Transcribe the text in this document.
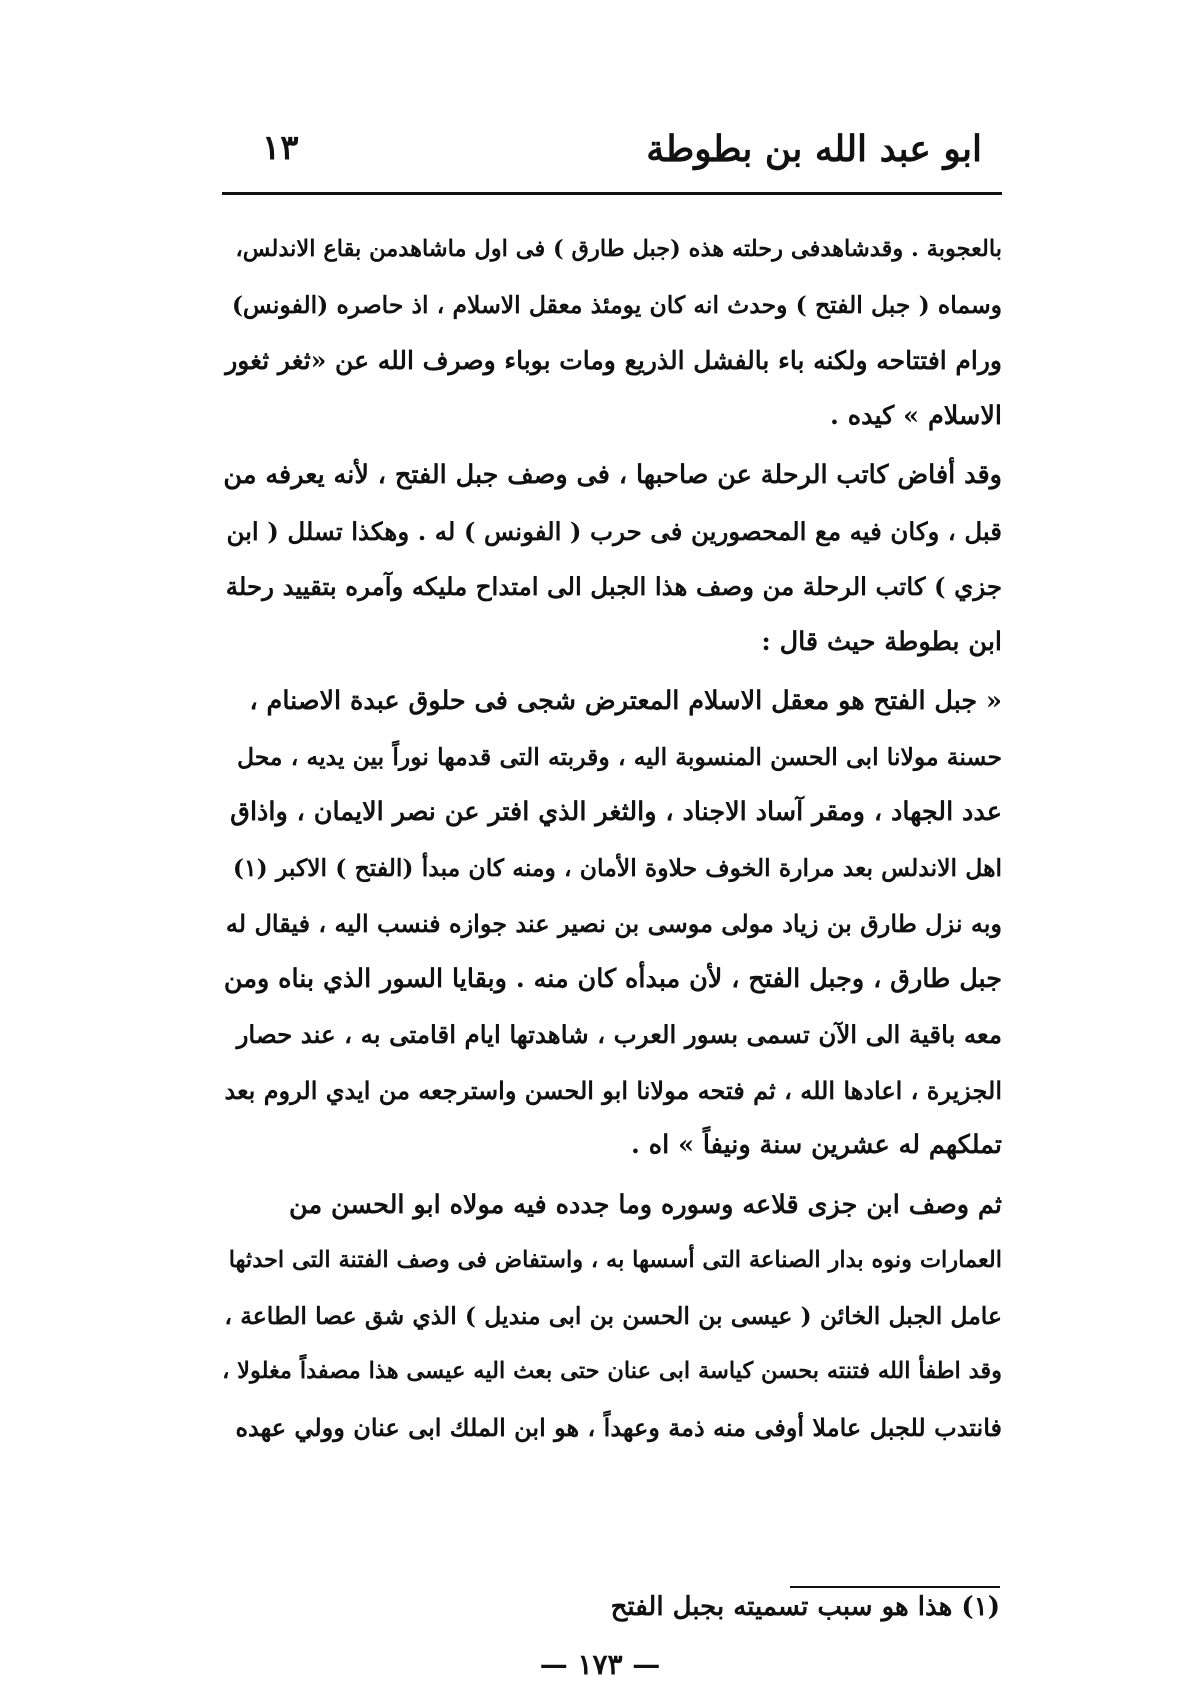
ابو عبد الله بن بطوطة
١٣
بالعجوبة . وقدشاهدفى رحلته هذه (جبل طارق ) فى اول ماشاهدمن بقاع الاندلس،
وسماه ( جبل الفتح ) وحدث انه كان يومئذ معقل الاسلام ، اذ حاصره (الفونس)
ورام افتتاحه ولكنه باء بالفشل الذريع ومات بوباء وصرف الله عن «ثغر ثغور
الاسلام » كيده .
وقد أفاض كاتب الرحلة عن صاحبها ، فى وصف جبل الفتح ، لأنه يعرفه من
قبل ، وكان فيه مع المحصورين فى حرب ( الفونس ) له . وهكذا تسلل ( ابن
جزي ) كاتب الرحلة من وصف هذا الجبل الى امتداح مليكه وآمره بتقييد رحلة
ابن بطوطة حيث قال :
« جبل الفتح هو معقل الاسلام المعترض شجى فى حلوق عبدة الاصنام ،
حسنة مولانا ابى الحسن المنسوبة اليه ، وقربته التى قدمها نوراً بين يديه ، محل
عدد الجهاد ، ومقر آساد الاجناد ، والثغر الذي افتر عن نصر الايمان ، واذاق
اهل الاندلس بعد مرارة الخوف حلاوة الأمان ، ومنه كان مبدأ (الفتح ) الاكبر (١)
وبه نزل طارق بن زياد مولى موسى بن نصير عند جوازه فنسب اليه ، فيقال له
جبل طارق ، وجبل الفتح ، لأن مبدأه كان منه . وبقايا السور الذي بناه ومن
معه باقية الى الآن تسمى بسور العرب ، شاهدتها ايام اقامتى به ، عند حصار
الجزيرة ، اعادها الله ، ثم فتحه مولانا ابو الحسن واسترجعه من ايدي الروم بعد
تملكهم له عشرين سنة ونيفاً » اه .
ثم وصف ابن جزى قلاعه وسوره وما جدده فيه مولاه ابو الحسن من
العمارات ونوه بدار الصناعة التى أسسها به ، واستفاض فى وصف الفتنة التى احدثها
عامل الجبل الخائن ( عيسى بن الحسن بن ابى منديل ) الذي شق عصا الطاعة ،
وقد اطفأ الله فتنته بحسن كياسة ابى عنان حتى بعث اليه عيسى هذا مصفداً مغلولا ،
فانتدب للجبل عاملا أوفى منه ذمة وعهداً ، هو ابن الملك ابى عنان وولي عهده
(١) هذا هو سبب تسميته بجبل الفتح
— ١٧٣ —
